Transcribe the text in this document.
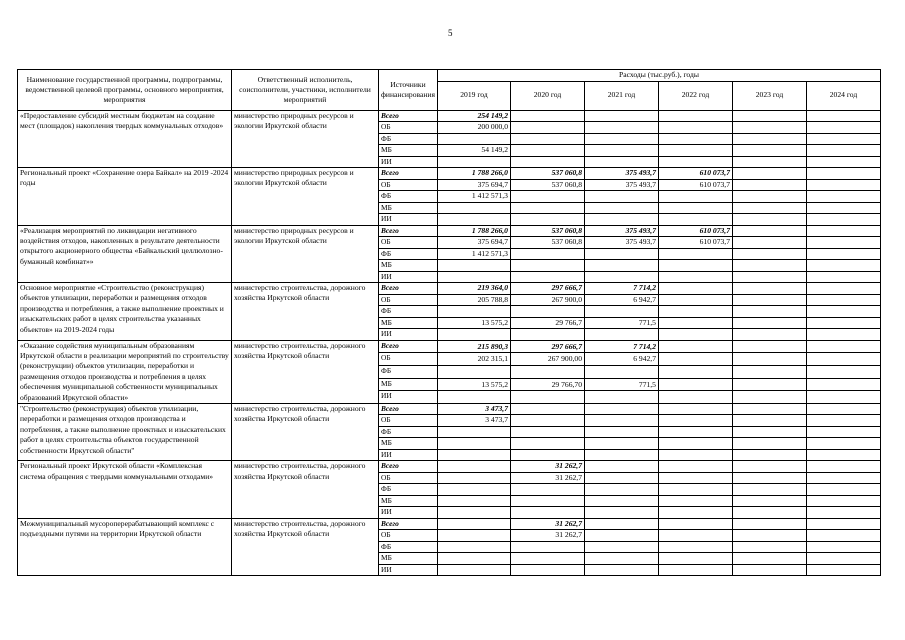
5
Наименование государственной программы, подпрограммы, ведомственной целевой программы, основного мероприятия, мероприятия	Ответственный исполнитель, соисполнители, участники, исполнители мероприятий	Источники финансирования	Расходы (тыс.руб.), годы					
			2019 год	2020 год	2021 год	2022 год	2023 год	2024 год
«Предоставление субсидий местным бюджетам на создание мест (площадок) накопления твердых коммунальных отходов»	министерство природных ресурсов и экологии Иркутской области	Всего	254 149,2					
		ОБ	200 000,0					
		ФБ						
		МБ	54 149,2					
		ИИ						
Региональный проект «Сохранение озера Байкал» на 2019 -2024 годы	министерство природных ресурсов и экологии Иркутской области	Всего	1 788 266,0	537 060,8	375 493,7	610 073,7		
		ОБ	375 694,7	537 060,8	375 493,7	610 073,7		
		ФБ	1 412 571,3					
		МБ						
		ИИ						
«Реализация мероприятий по ликвидации негативного воздействия отходов, накопленных в результате деятельности открытого акционерного общества «Байкальский целлюлозно-бумажный комбинат»»	министерство природных ресурсов и экологии Иркутской области	Всего	1 788 266,0	537 060,8	375 493,7	610 073,7		
		ОБ	375 694,7	537 060,8	375 493,7	610 073,7		
		ФБ	1 412 571,3					
		МБ						
		ИИ						
Основное мероприятие «Строительство (реконструкция) объектов утилизации, переработки и размещения отходов производства и потребления, а также выполнение проектных и изыскательских работ в целях строительства указанных объектов» на 2019-2024 годы	министерство строительства, дорожного хозяйства Иркутской области	Всего	219 364,0	297 666,7	7 714,2			
		ОБ	205 788,8	267 900,0	6 942,7			
		ФБ						
		МБ	13 575,2	29 766,7	771,5			
		ИИ						
«Оказание содействия муниципальным образованиям Иркутской области в реализации мероприятий по строительству (реконструкции) объектов утилизации, переработки и размещения отходов производства и потребления в целях обеспечения муниципальной собственности муниципальных образований Иркутской области»	министерство строительства, дорожного хозяйства Иркутской области	Всего	215 890,3	297 666,7	7 714,2			
		ОБ	202 315,1	267 900,00	6 942,7			
		ФБ						
		МБ	13 575,2	29 766,70	771,5			
		ИИ						
"Строительство (реконструкция) объектов утилизации, переработки и размещения отходов производства и потребления, а также выполнение проектных и изыскательских работ в целях строительства объектов государственной собственности Иркутской области"	министерство строительства, дорожного хозяйства Иркутской области	Всего	3 473,7					
		ОБ	3 473,7					
		ФБ						
		МБ						
		ИИ						
Региональный проект Иркутской области «Комплексная система обращения с твердыми коммунальными отходами»	министерство строительства, дорожного хозяйства Иркутской области	Всего		31 262,7				
		ОБ		31 262,7				
		ФБ						
		МБ						
		ИИ						
Межмуниципальный мусороперерабатывающий комплекс с подъездными путями на территории Иркутской области	министерство строительства, дорожного хозяйства Иркутской области	Всего		31 262,7				
		ОБ		31 262,7				
		ФБ						
		МБ						
		ИИ						
